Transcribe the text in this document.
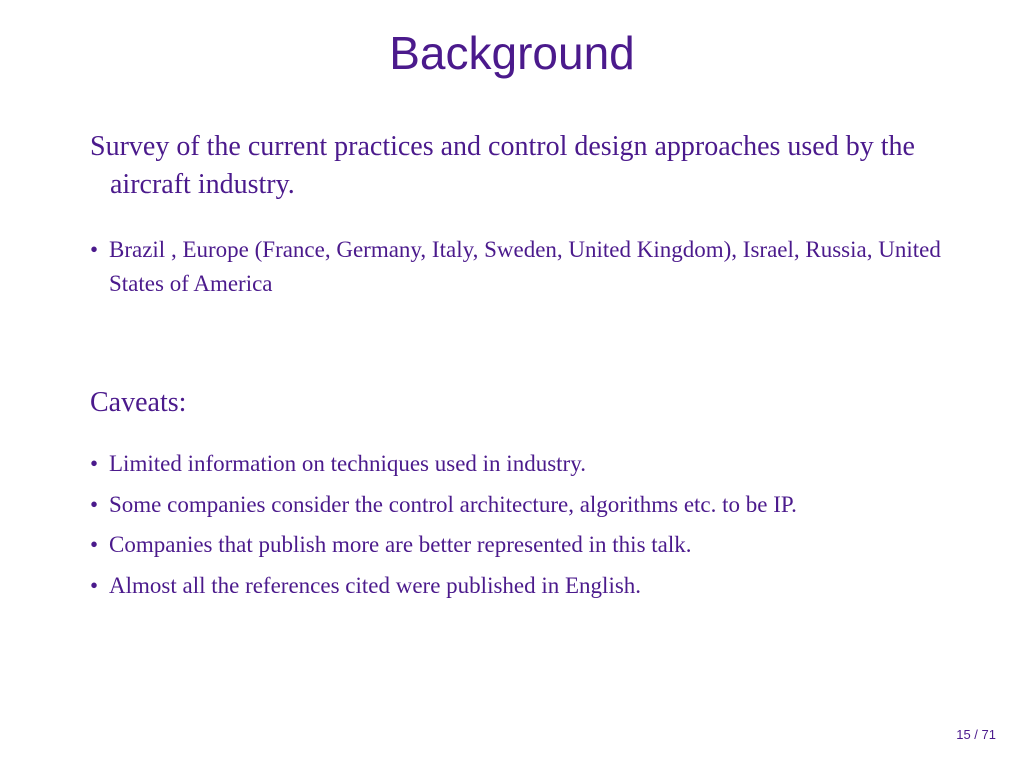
Background
Survey of the current practices and control design approaches used by the aircraft industry.
• Brazil , Europe (France, Germany, Italy, Sweden, United Kingdom), Israel, Russia, United States of America
Caveats:
• Limited information on techniques used in industry.
• Some companies consider the control architecture, algorithms etc. to be IP.
• Companies that publish more are better represented in this talk.
• Almost all the references cited were published in English.
15 / 71
